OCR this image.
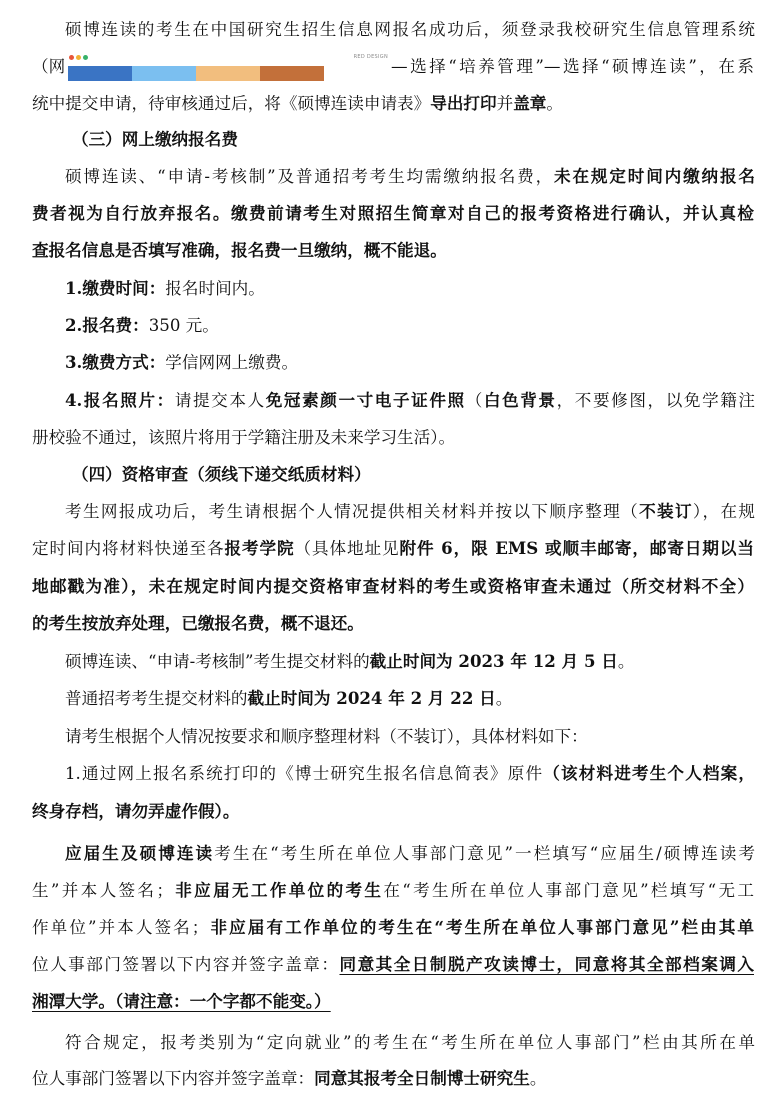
硕博连读的考生在中国研究生招生信息网报名成功后，须登录我校研究生信息管理系统
（网	RED DESIGN —选择“培养管理”—选择“硕博连读”，在系
统中提交申请，待审核通过后，将《硕博连读申请表》导出打印并盖章。
（三）网上缴纳报名费
硕博连读、“申请-考核制”及普通招考考生均需缴纳报名费，未在规定时间内缴纳报名
费者视为自行放弃报名。缴费前请考生对照招生简章对自己的报考资格进行确认，并认真检
查报名信息是否填写准确，报名费一旦缴纳，概不能退。
1.缴费时间：报名时间内。
2.报名费：350 元。
3.缴费方式：学信网网上缴费。
4.报名照片：请提交本人免冠素颜一寸电子证件照（白色背景，不要修图，以免学籍注
册校验不通过，该照片将用于学籍注册及未来学习生活）。
（四）资格审查（须线下递交纸质材料）
考生网报成功后，考生请根据个人情况提供相关材料并按以下顺序整理（不装订），在规
定时间内将材料快递至各报考学院（具体地址见附件 6，限 EMS 或顺丰邮寄，邮寄日期以当
地邮戳为准），未在规定时间内提交资格审查材料的考生或资格审查未通过（所交材料不全）
的考生按放弃处理，已缴报名费，概不退还。
硕博连读、“申请-考核制”考生提交材料的截止时间为 2023 年 12 月 5 日。
普通招考考生提交材料的截止时间为 2024 年 2 月 22 日。
请考生根据个人情况按要求和顺序整理材料（不装订），具体材料如下：
1.通过网上报名系统打印的《博士研究生报名信息简表》原件（该材料进考生个人档案，
终身存档，请勿弄虚作假）。
应届生及硕博连读考生在“考生所在单位人事部门意见”一栏填写“应届生/硕博连读考
生”并本人签名；非应届无工作单位的考生在“考生所在单位人事部门意见”栏填写“无工
作单位”并本人签名；非应届有工作单位的考生在“考生所在单位人事部门意见”栏由其单
位人事部门签署以下内容并签字盖章：同意其全日制脱产攻读博士，同意将其全部档案调入
湘潭大学。（请注意：一个字都不能变。）
符合规定，报考类别为“定向就业”的考生在“考生所在单位人事部门”栏由其所在单
位人事部门签署以下内容并签字盖章：同意其报考全日制博士研究生。
